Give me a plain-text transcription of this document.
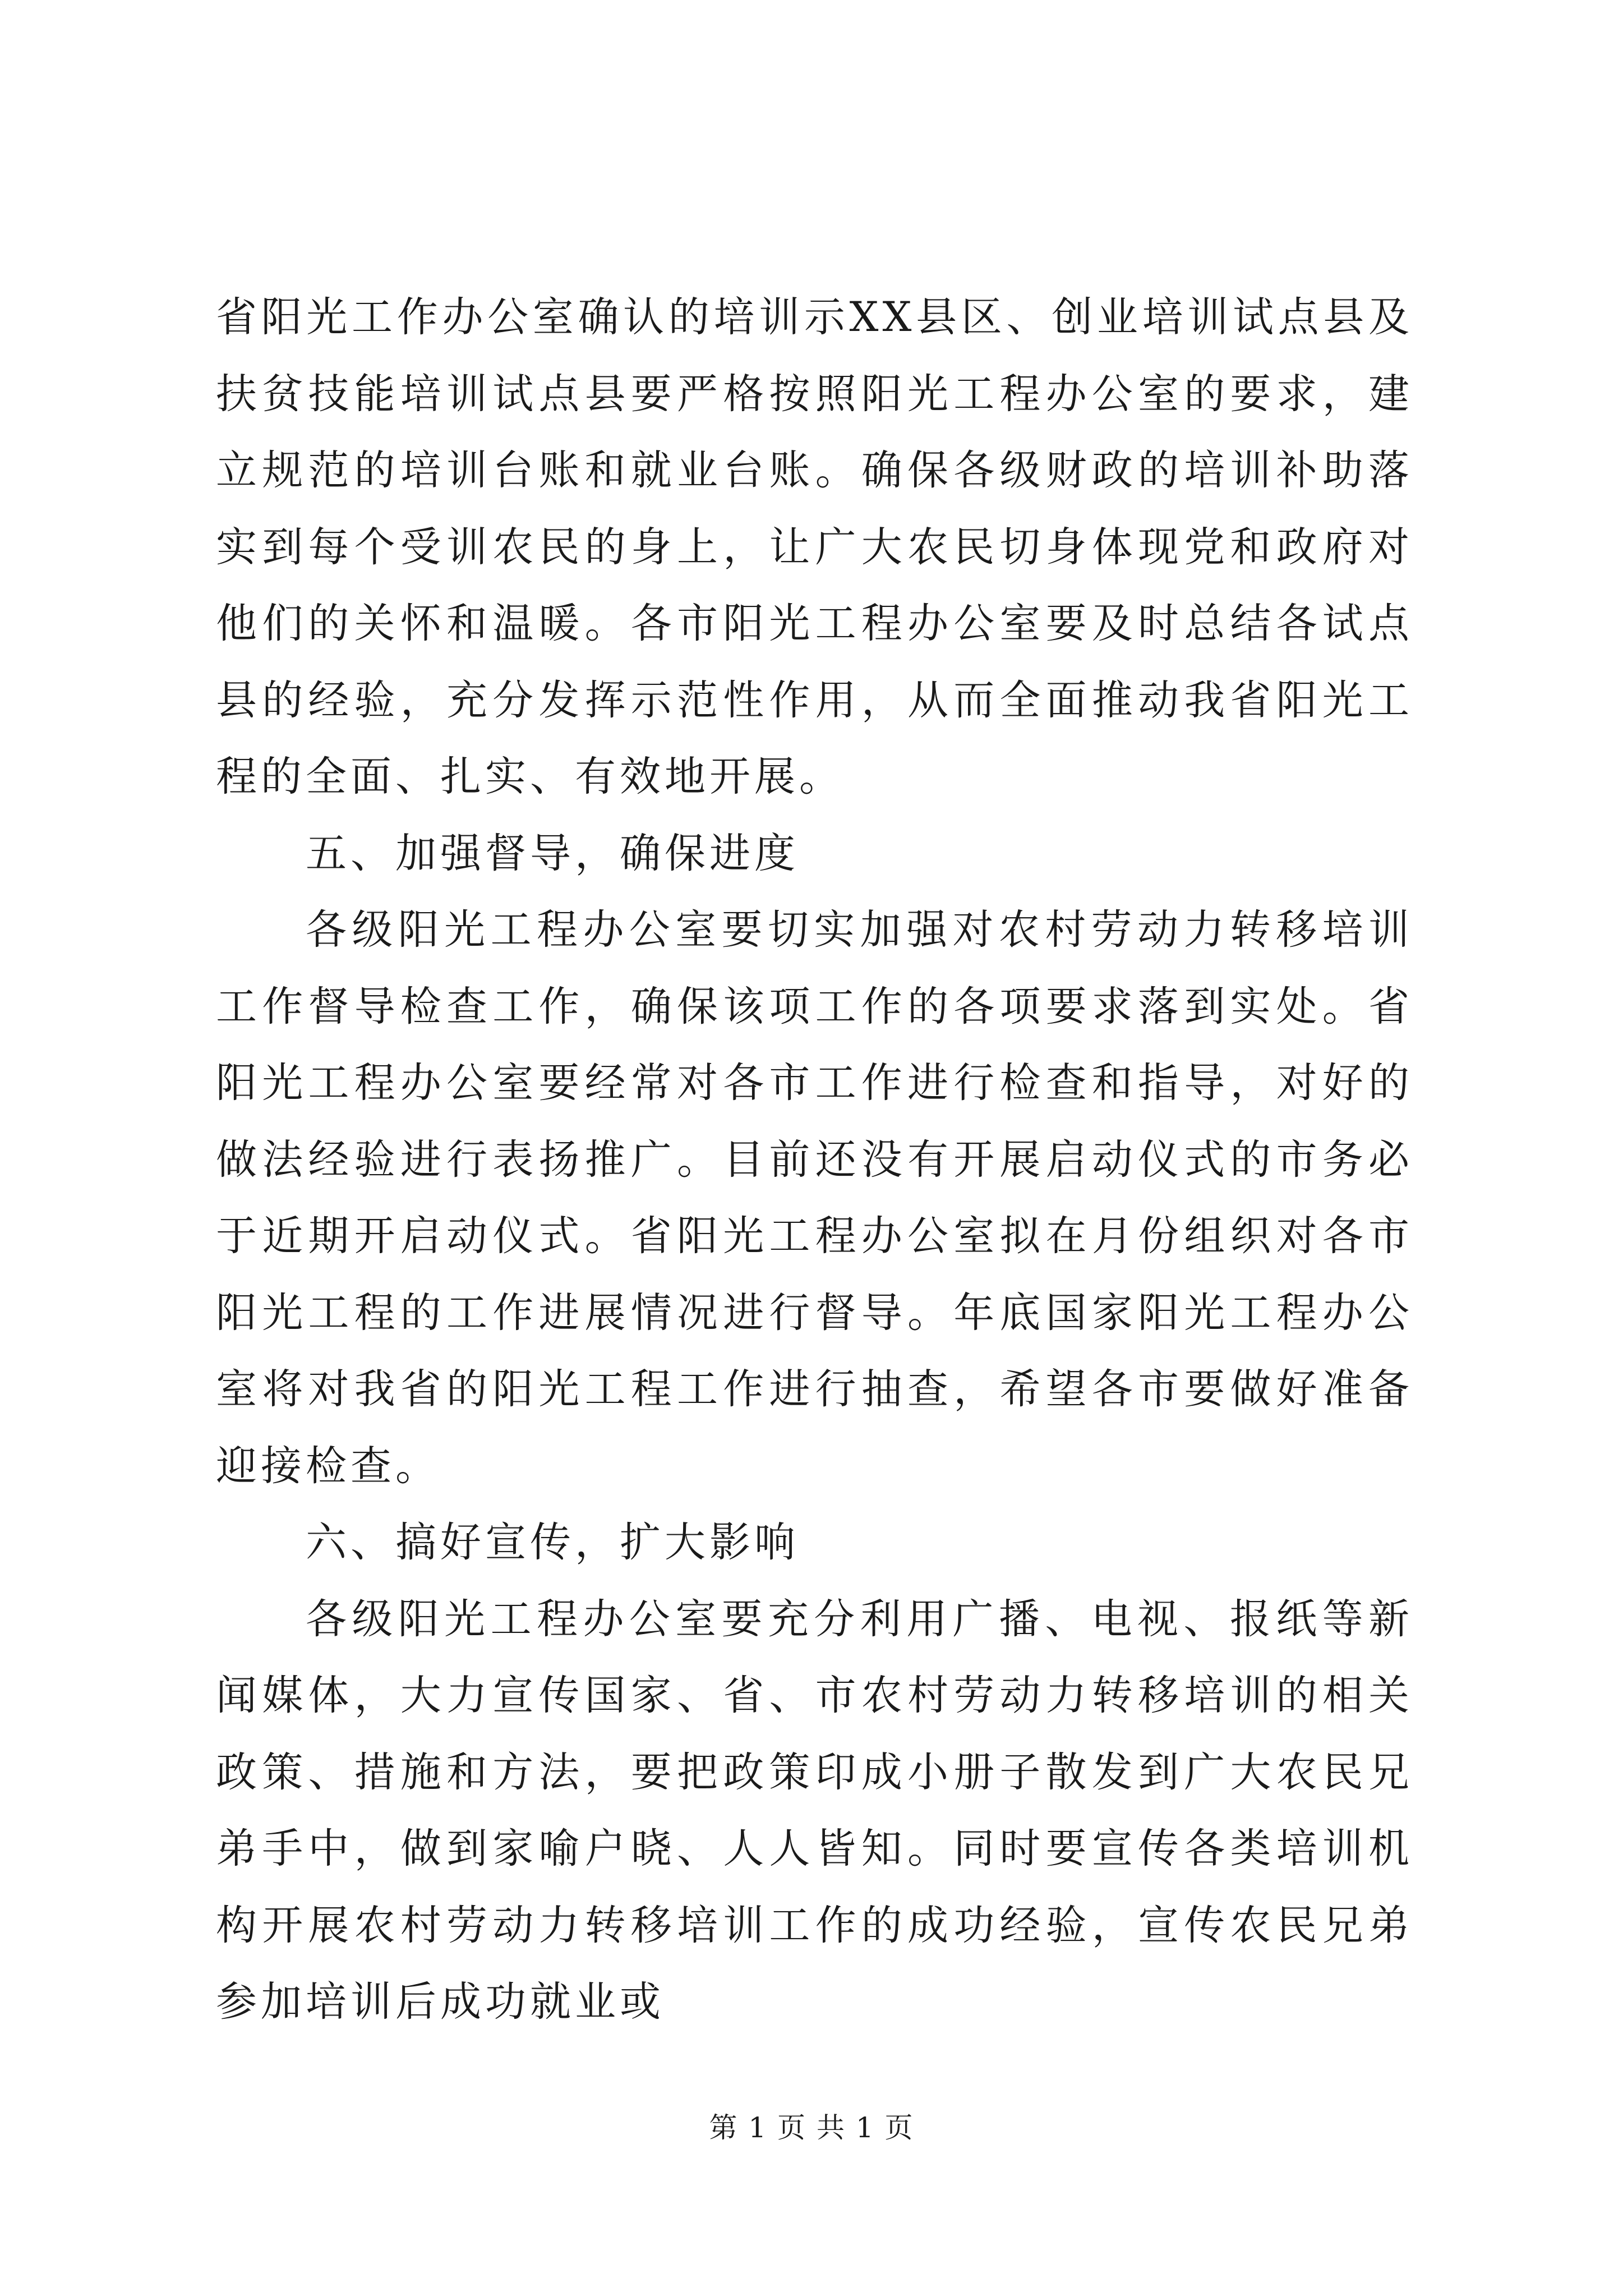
省阳光工作办公室确认的培训示XX县区、创业培训试点县及扶贫技能培训试点县要严格按照阳光工程办公室的要求，建立规范的培训台账和就业台账。确保各级财政的培训补助落实到每个受训农民的身上，让广大农民切身体现党和政府对他们的关怀和温暖。各市阳光工程办公室要及时总结各试点县的经验，充分发挥示范性作用，从而全面推动我省阳光工程的全面、扎实、有效地开展。

五、加强督导，确保进度

各级阳光工程办公室要切实加强对农村劳动力转移培训工作督导检查工作，确保该项工作的各项要求落到实处。省阳光工程办公室要经常对各市工作进行检查和指导，对好的做法经验进行表扬推广。目前还没有开展启动仪式的市务必于近期开启动仪式。省阳光工程办公室拟在月份组织对各市阳光工程的工作进展情况进行督导。年底国家阳光工程办公室将对我省的阳光工程工作进行抽查，希望各市要做好准备迎接检查。

六、搞好宣传，扩大影响

各级阳光工程办公室要充分利用广播、电视、报纸等新闻媒体，大力宣传国家、省、市农村劳动力转移培训的相关政策、措施和方法，要把政策印成小册子散发到广大农民兄弟手中，做到家喻户晓、人人皆知。同时要宣传各类培训机构开展农村劳动力转移培训工作的成功经验，宣传农民兄弟参加培训后成功就业或

第 1 页 共 1 页
